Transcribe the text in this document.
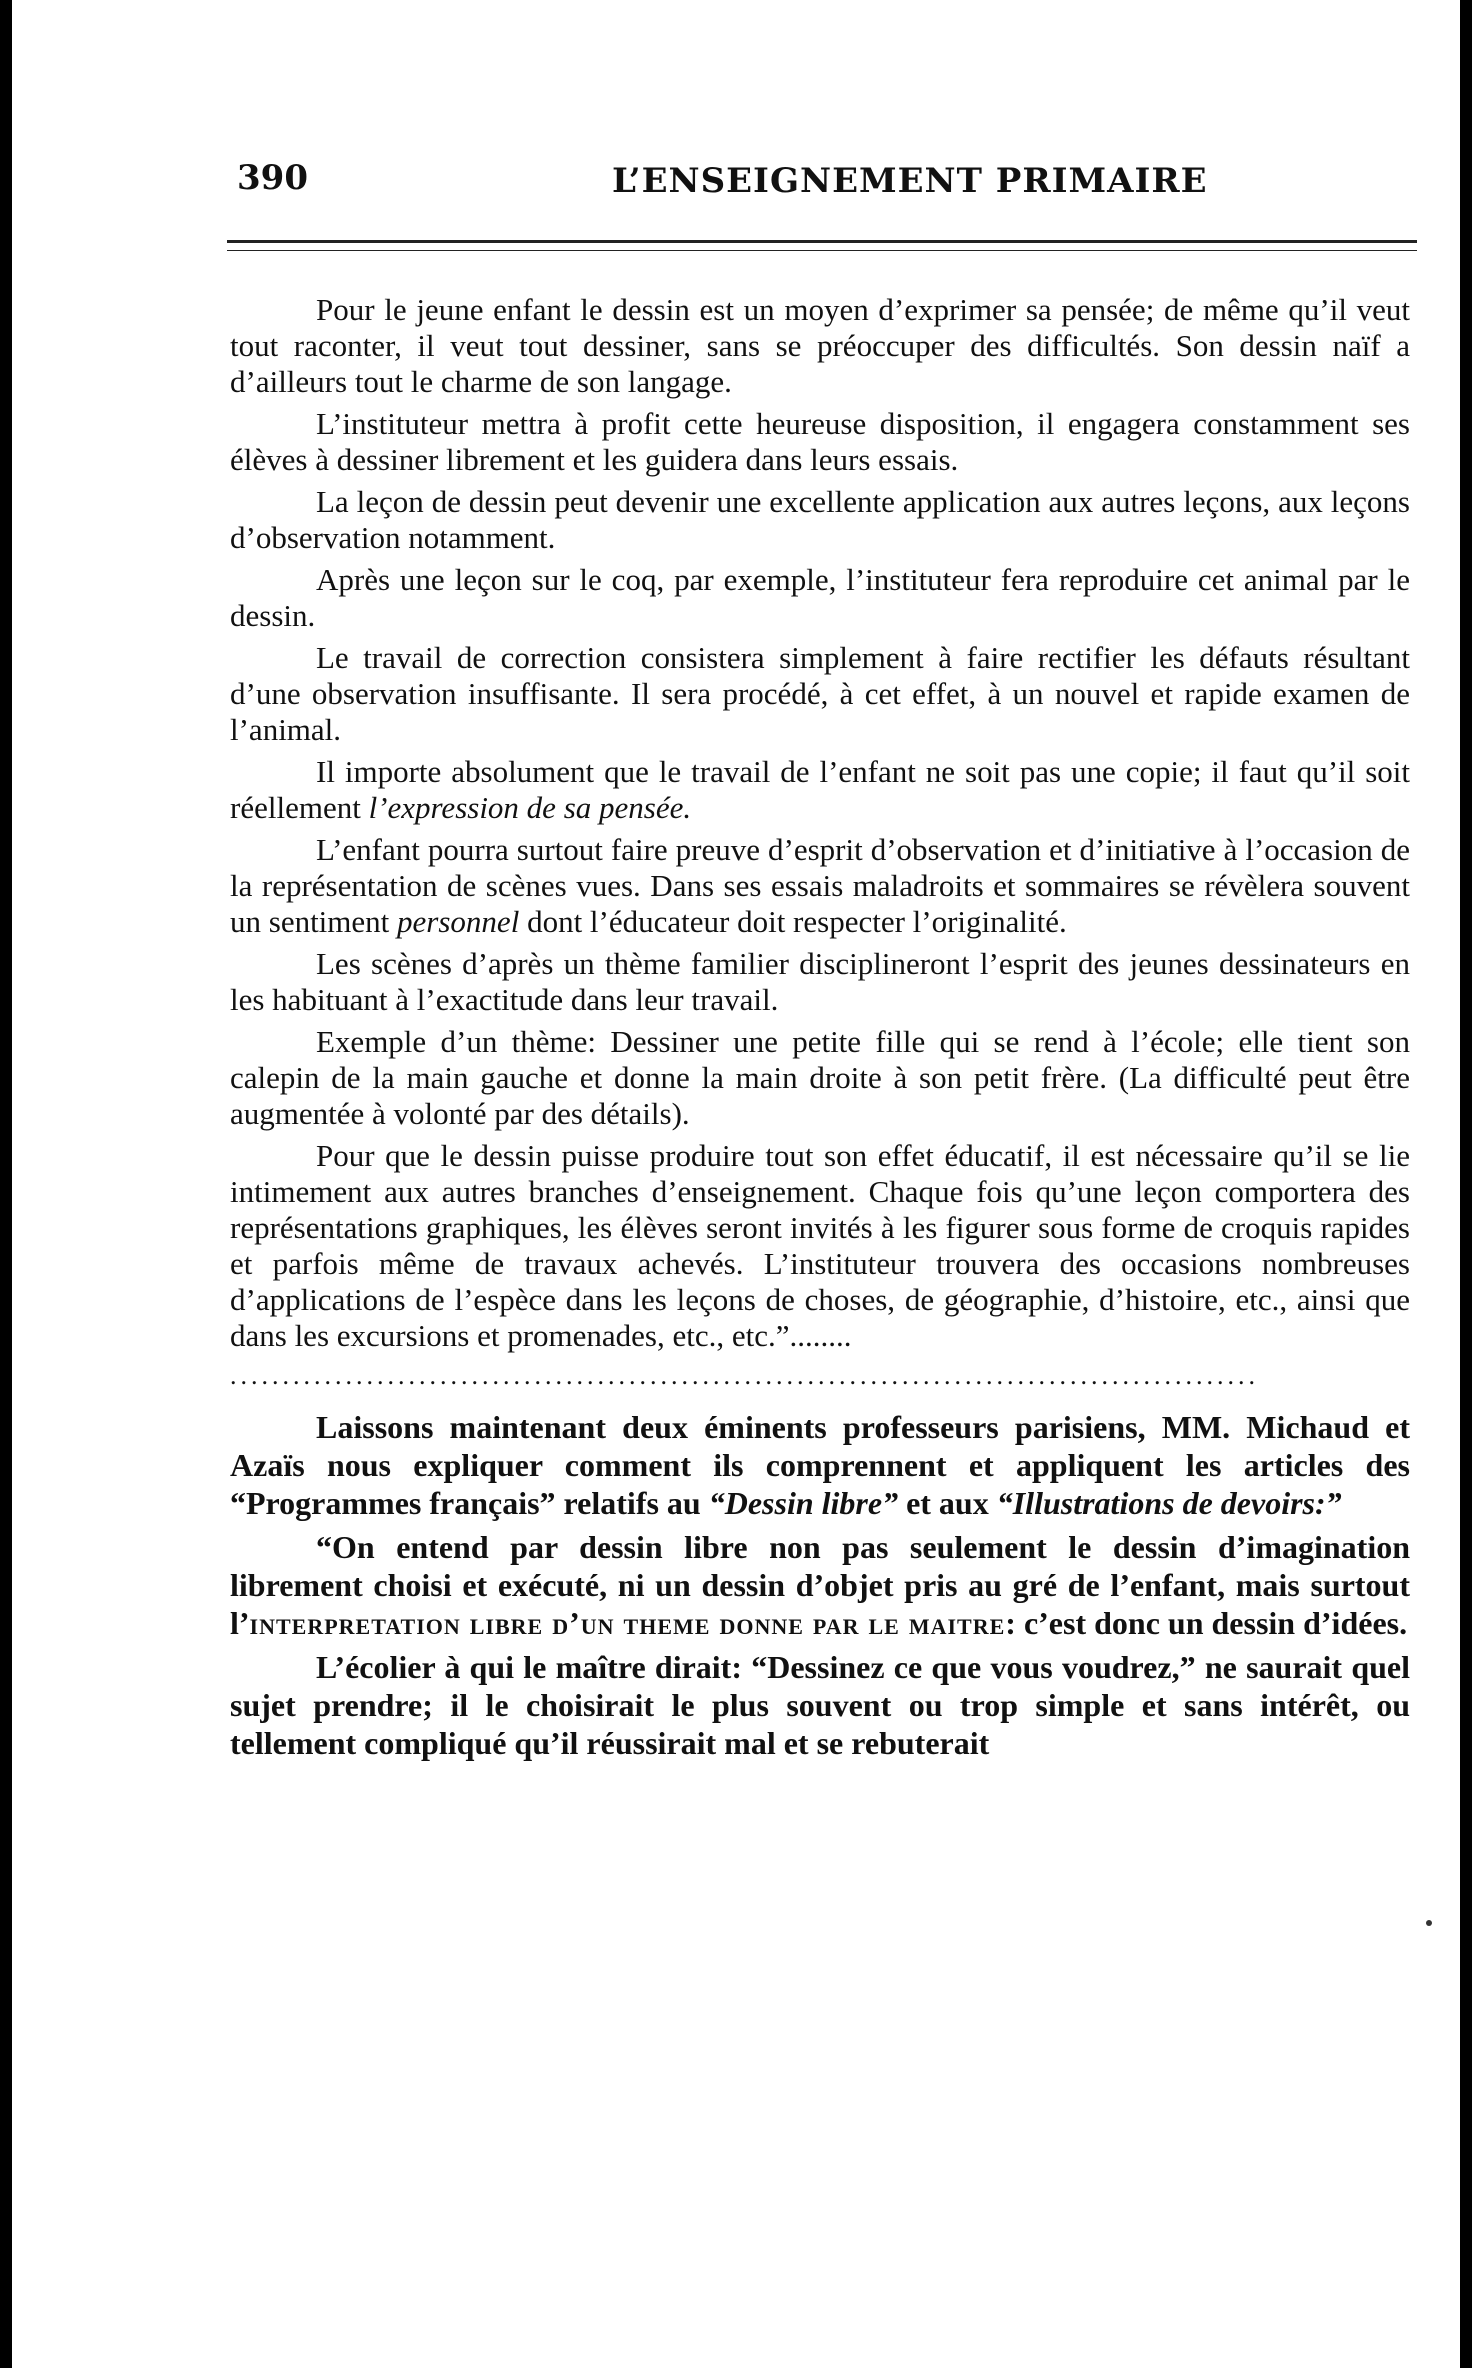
390	L’ENSEIGNEMENT PRIMAIRE

Pour le jeune enfant le dessin est un moyen d’exprimer sa pensée; de même qu’il veut tout raconter, il veut tout dessiner, sans se préoccuper des difficultés. Son dessin naïf a d’ailleurs tout le charme de son langage.

L’instituteur mettra à profit cette heureuse disposition, il engagera constamment ses élèves à dessiner librement et les guidera dans leurs essais.

La leçon de dessin peut devenir une excellente application aux autres leçons, aux leçons d’observation notamment.

Après une leçon sur le coq, par exemple, l’instituteur fera reproduire cet animal par le dessin.

Le travail de correction consistera simplement à faire rectifier les défauts résultant d’une observation insuffisante. Il sera procédé, à cet effet, à un nouvel et rapide examen de l’animal.

Il importe absolument que le travail de l’enfant ne soit pas une copie; il faut qu’il soit réellement l’expression de sa pensée.

L’enfant pourra surtout faire preuve d’esprit d’observation et d’initiative à l’occasion de la représentation de scènes vues. Dans ses essais maladroits et sommaires se révèlera souvent un sentiment personnel dont l’éducateur doit respecter l’originalité.

Les scènes d’après un thème familier disciplineront l’esprit des jeunes dessinateurs en les habituant à l’exactitude dans leur travail.

Exemple d’un thème: Dessiner une petite fille qui se rend à l’école; elle tient son calepin de la main gauche et donne la main droite à son petit frère. (La difficulté peut être augmentée à volonté par des détails).

Pour que le dessin puisse produire tout son effet éducatif, il est nécessaire qu’il se lie intimement aux autres branches d’enseignement. Chaque fois qu’une leçon comportera des représentations graphiques, les élèves seront invités à les figurer sous forme de croquis rapides et parfois même de travaux achevés. L’instituteur trouvera des occasions nombreuses d’applications de l’espèce dans les leçons de choses, de géographie, d’histoire, etc., ainsi que dans les excursions et promenades, etc., etc.”........

..................................................................................................

Laissons maintenant deux éminents professeurs parisiens, MM. Michaud et Azaïs nous expliquer comment ils comprennent et appliquent les articles des “Programmes français” relatifs au “Dessin libre” et aux “Illustrations de devoirs:”

“On entend par dessin libre non pas seulement le dessin d’imagination librement choisi et exécuté, ni un dessin d’objet pris au gré de l’enfant, mais surtout l’interpretation libre d’un theme donne par le maitre: c’est donc un dessin d’idées.

L’écolier à qui le maître dirait: “Dessinez ce que vous voudrez,” ne saurait quel sujet prendre; il le choisirait le plus souvent ou trop simple et sans intérêt, ou tellement compliqué qu’il réussirait mal et se rebuterait
